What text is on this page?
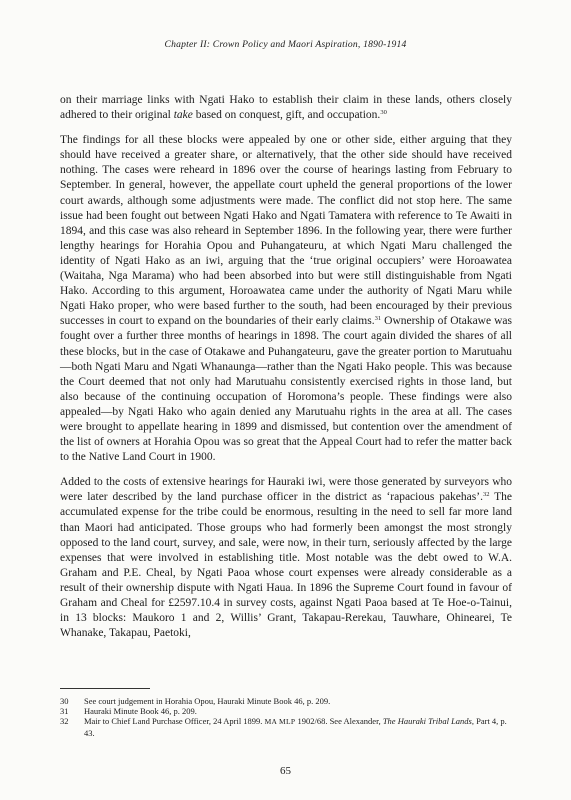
Chapter II: Crown Policy and Maori Aspiration, 1890-1914

on their marriage links with Ngati Hako to establish their claim in these lands, others closely adhered to their original take based on conquest, gift, and occupation.$^{30}$

The findings for all these blocks were appealed by one or other side, either arguing that they should have received a greater share, or alternatively, that the other side should have received nothing. The cases were reheard in 1896 over the course of hearings lasting from February to September. In general, however, the appellate court upheld the general proportions of the lower court awards, although some adjustments were made. The conflict did not stop here. The same issue had been fought out between Ngati Hako and Ngati Tamatera with reference to Te Awaiti in 1894, and this case was also reheard in September 1896. In the following year, there were further lengthy hearings for Horahia Opou and Puhangateuru, at which Ngati Maru challenged the identity of Ngati Hako as an iwi, arguing that the ‘true original occupiers’ were Horoawatea (Waitaha, Nga Marama) who had been absorbed into but were still distinguishable from Ngati Hako. According to this argument, Horoawatea came under the authority of Ngati Maru while Ngati Hako proper, who were based further to the south, had been encouraged by their previous successes in court to expand on the boundaries of their early claims.$^{31}$ Ownership of Otakawe was fought over a further three months of hearings in 1898. The court again divided the shares of all these blocks, but in the case of Otakawe and Puhangateuru, gave the greater portion to Marutuahu—both Ngati Maru and Ngati Whanaunga—rather than the Ngati Hako people. This was because the Court deemed that not only had Marutuahu consistently exercised rights in those land, but also because of the continuing occupation of Horomona’s people. These findings were also appealed—by Ngati Hako who again denied any Marutuahu rights in the area at all. The cases were brought to appellate hearing in 1899 and dismissed, but contention over the amendment of the list of owners at Horahia Opou was so great that the Appeal Court had to refer the matter back to the Native Land Court in 1900.

Added to the costs of extensive hearings for Hauraki iwi, were those generated by surveyors who were later described by the land purchase officer in the district as ‘rapacious pakehas’.$^{32}$ The accumulated expense for the tribe could be enormous, resulting in the need to sell far more land than Maori had anticipated. Those groups who had formerly been amongst the most strongly opposed to the land court, survey, and sale, were now, in their turn, seriously affected by the large expenses that were involved in establishing title. Most notable was the debt owed to W.A. Graham and P.E. Cheal, by Ngati Paoa whose court expenses were already considerable as a result of their ownership dispute with Ngati Haua. In 1896 the Supreme Court found in favour of Graham and Cheal for £2597.10.4 in survey costs, against Ngati Paoa based at Te Hoe-o-Tainui, in 13 blocks: Maukoro 1 and 2, Willis’ Grant, Takapau-Rerekau, Tauwhare, Ohinearei, Te Whanake, Takapau, Paetoki,

30	See court judgement in Horahia Opou, Hauraki Minute Book 46, p. 209.
31	Hauraki Minute Book 46, p. 209.
32	Mair to Chief Land Purchase Officer, 24 April 1899. MA MLP 1902/68. See Alexander, The Hauraki Tribal Lands, Part 4, p. 43.
65
